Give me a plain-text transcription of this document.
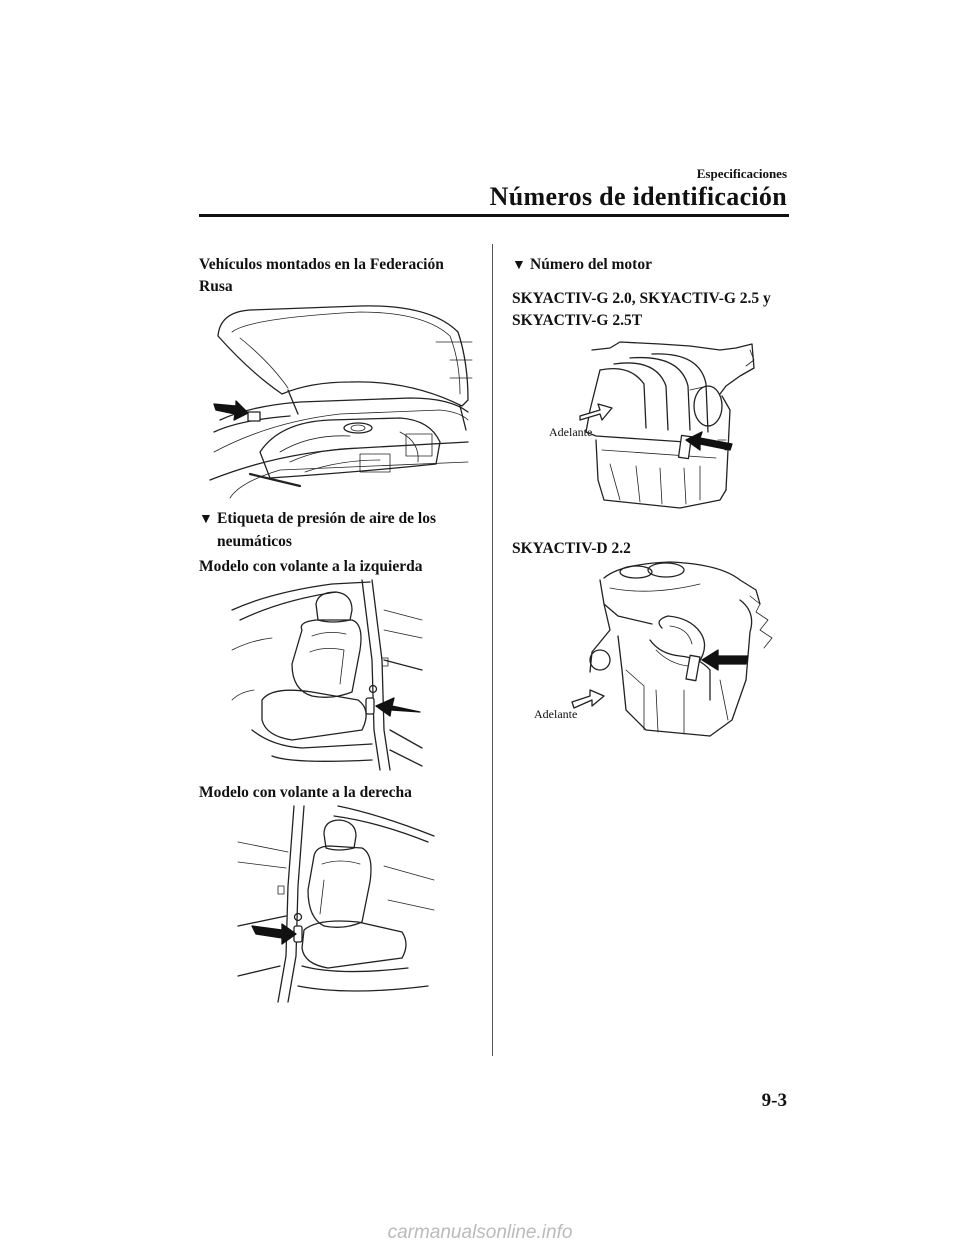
Especificaciones
Números de identificación
Vehículos montados en la Federación
Rusa
▼ Etiqueta de presión de aire de los
neumáticos
Modelo con volante a la izquierda
Modelo con volante a la derecha
▼ Número del motor
SKYACTIV-G 2.0, SKYACTIV-G 2.5 y
SKYACTIV-G 2.5T
Adelante
SKYACTIV-D 2.2
Adelante
9-3
carmanualsonline.info
